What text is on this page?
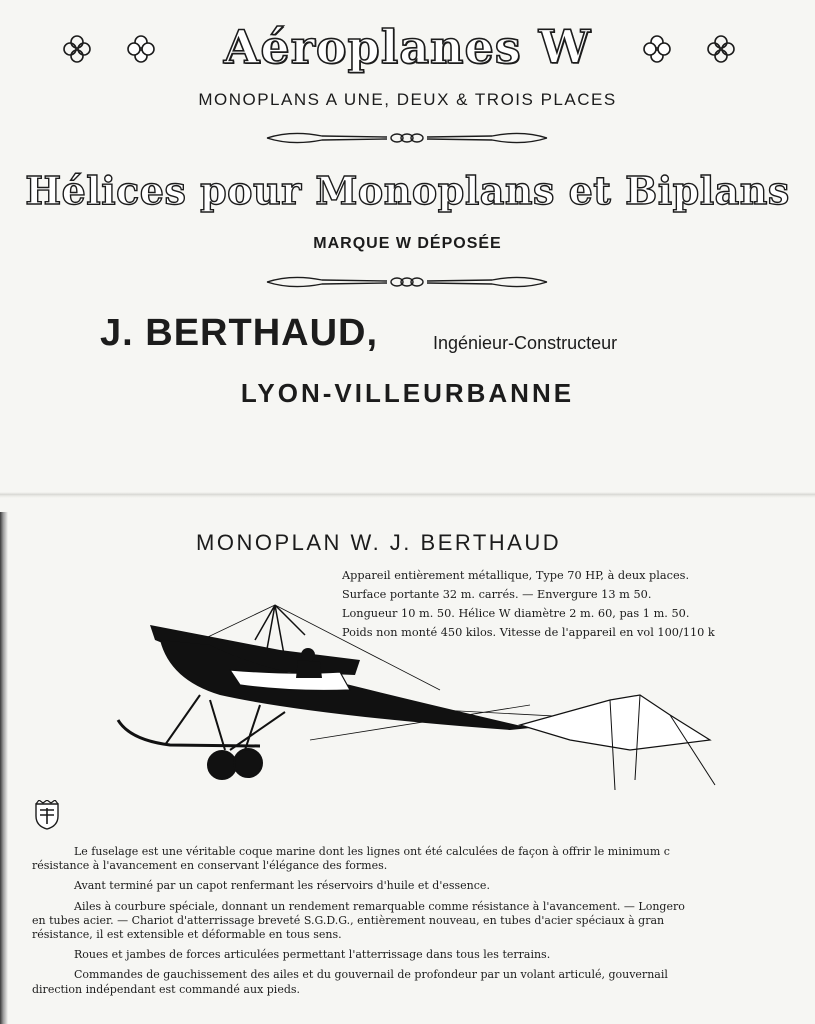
Aéroplanes W
MONOPLANS A UNE, DEUX & TROIS PLACES
Hélices pour Monoplans et Biplans
MARQUE W DÉPOSÉE
J. BERTHAUD,	Ingénieur-Constructeur
LYON-VILLEURBANNE
MONOPLAN W. J. BERTHAUD
Appareil entièrement métallique, Type 70 HP, à deux places.
Surface portante 32 m. carrés. — Envergure 13 m 50.
Longueur 10 m. 50. Hélice W diamètre 2 m. 60, pas 1 m. 50.
Poids non monté 450 kilos. Vitesse de l'appareil en vol 100/110 k

Le fuselage est une véritable coque marine dont les lignes ont été calculées de façon à offrir le minimum c
résistance à l'avancement en conservant l'élégance des formes.

Avant terminé par un capot renfermant les réservoirs d'huile et d'essence.

Ailes à courbure spéciale, donnant un rendement remarquable comme résistance à l'avancement. — Longero
en tubes acier. — Chariot d'atterrissage breveté S.G.D.G., entièrement nouveau, en tubes d'acier spéciaux à gran
résistance, il est extensible et déformable en tous sens.

Roues et jambes de forces articulées permettant l'atterrissage dans tous les terrains.

Commandes de gauchissement des ailes et du gouvernail de profondeur par un volant articulé, gouvernail
direction indépendant est commandé aux pieds.
